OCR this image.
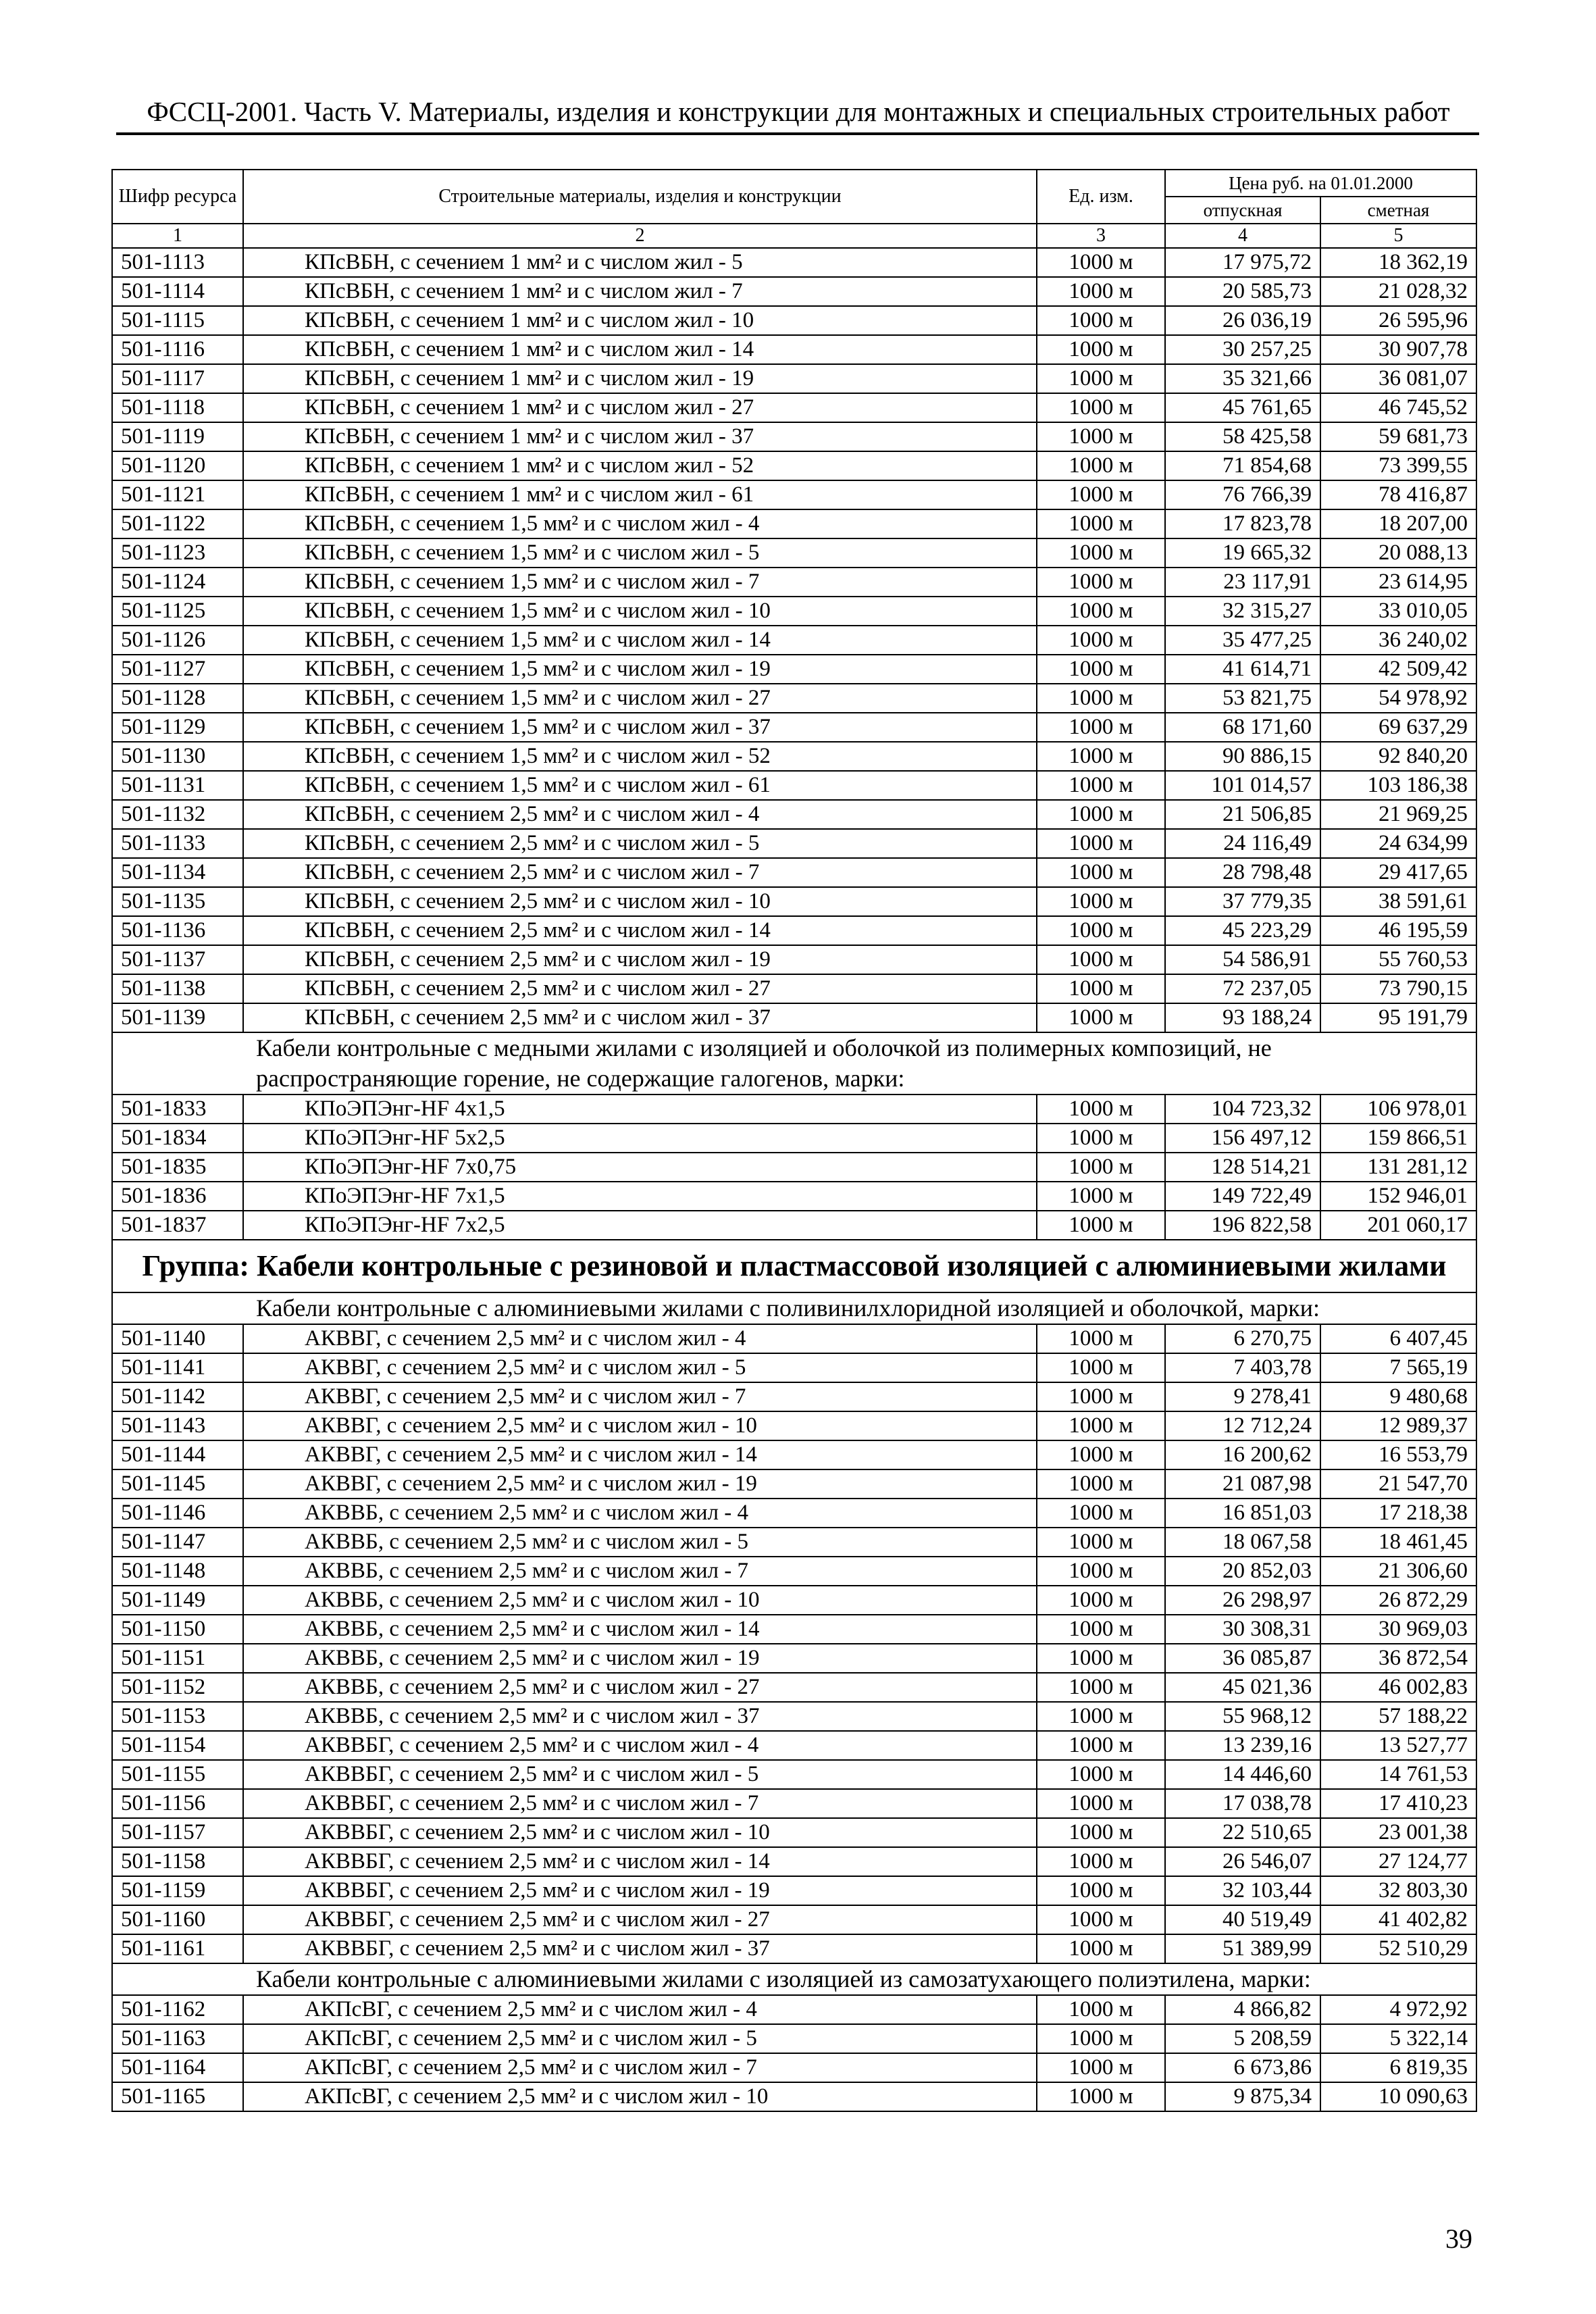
ФССЦ-2001. Часть V. Материалы, изделия и конструкции для монтажных и специальных строительных работ
Шифр ресурса	Строительные материалы, изделия и конструкции	Ед. изм.	Цена руб. на 01.01.2000	
			отпускная	сметная
1	2	3	4	5
501-1113	КПсВБН, с сечением 1 мм² и с числом жил - 5	1000 м	17 975,72	18 362,19
501-1114	КПсВБН, с сечением 1 мм² и с числом жил - 7	1000 м	20 585,73	21 028,32
501-1115	КПсВБН, с сечением 1 мм² и с числом жил - 10	1000 м	26 036,19	26 595,96
501-1116	КПсВБН, с сечением 1 мм² и с числом жил - 14	1000 м	30 257,25	30 907,78
501-1117	КПсВБН, с сечением 1 мм² и с числом жил - 19	1000 м	35 321,66	36 081,07
501-1118	КПсВБН, с сечением 1 мм² и с числом жил - 27	1000 м	45 761,65	46 745,52
501-1119	КПсВБН, с сечением 1 мм² и с числом жил - 37	1000 м	58 425,58	59 681,73
501-1120	КПсВБН, с сечением 1 мм² и с числом жил - 52	1000 м	71 854,68	73 399,55
501-1121	КПсВБН, с сечением 1 мм² и с числом жил - 61	1000 м	76 766,39	78 416,87
501-1122	КПсВБН, с сечением 1,5 мм² и с числом жил - 4	1000 м	17 823,78	18 207,00
501-1123	КПсВБН, с сечением 1,5 мм² и с числом жил - 5	1000 м	19 665,32	20 088,13
501-1124	КПсВБН, с сечением 1,5 мм² и с числом жил - 7	1000 м	23 117,91	23 614,95
501-1125	КПсВБН, с сечением 1,5 мм² и с числом жил - 10	1000 м	32 315,27	33 010,05
501-1126	КПсВБН, с сечением 1,5 мм² и с числом жил - 14	1000 м	35 477,25	36 240,02
501-1127	КПсВБН, с сечением 1,5 мм² и с числом жил - 19	1000 м	41 614,71	42 509,42
501-1128	КПсВБН, с сечением 1,5 мм² и с числом жил - 27	1000 м	53 821,75	54 978,92
501-1129	КПсВБН, с сечением 1,5 мм² и с числом жил - 37	1000 м	68 171,60	69 637,29
501-1130	КПсВБН, с сечением 1,5 мм² и с числом жил - 52	1000 м	90 886,15	92 840,20
501-1131	КПсВБН, с сечением 1,5 мм² и с числом жил - 61	1000 м	101 014,57	103 186,38
501-1132	КПсВБН, с сечением 2,5 мм² и с числом жил - 4	1000 м	21 506,85	21 969,25
501-1133	КПсВБН, с сечением 2,5 мм² и с числом жил - 5	1000 м	24 116,49	24 634,99
501-1134	КПсВБН, с сечением 2,5 мм² и с числом жил - 7	1000 м	28 798,48	29 417,65
501-1135	КПсВБН, с сечением 2,5 мм² и с числом жил - 10	1000 м	37 779,35	38 591,61
501-1136	КПсВБН, с сечением 2,5 мм² и с числом жил - 14	1000 м	45 223,29	46 195,59
501-1137	КПсВБН, с сечением 2,5 мм² и с числом жил - 19	1000 м	54 586,91	55 760,53
501-1138	КПсВБН, с сечением 2,5 мм² и с числом жил - 27	1000 м	72 237,05	73 790,15
501-1139	КПсВБН, с сечением 2,5 мм² и с числом жил - 37	1000 м	93 188,24	95 191,79
Кабели контрольные с медными жилами с изоляцией и оболочкой из полимерных композиций, не распространяющие горение, не содержащие галогенов, марки:				
501-1833	КПоЭПЭнг-HF 4x1,5	1000 м	104 723,32	106 978,01
501-1834	КПоЭПЭнг-HF 5x2,5	1000 м	156 497,12	159 866,51
501-1835	КПоЭПЭнг-HF 7x0,75	1000 м	128 514,21	131 281,12
501-1836	КПоЭПЭнг-HF 7x1,5	1000 м	149 722,49	152 946,01
501-1837	КПоЭПЭнг-HF 7x2,5	1000 м	196 822,58	201 060,17
Группа: Кабели контрольные с резиновой и пластмассовой изоляцией с алюминиевыми жилами				
Кабели контрольные с алюминиевыми жилами с поливинилхлоридной изоляцией и оболочкой, марки:				
501-1140	АКВВГ, с сечением 2,5 мм² и с числом жил - 4	1000 м	6 270,75	6 407,45
501-1141	АКВВГ, с сечением 2,5 мм² и с числом жил - 5	1000 м	7 403,78	7 565,19
501-1142	АКВВГ, с сечением 2,5 мм² и с числом жил - 7	1000 м	9 278,41	9 480,68
501-1143	АКВВГ, с сечением 2,5 мм² и с числом жил - 10	1000 м	12 712,24	12 989,37
501-1144	АКВВГ, с сечением 2,5 мм² и с числом жил - 14	1000 м	16 200,62	16 553,79
501-1145	АКВВГ, с сечением 2,5 мм² и с числом жил - 19	1000 м	21 087,98	21 547,70
501-1146	АКВВБ, с сечением 2,5 мм² и с числом жил - 4	1000 м	16 851,03	17 218,38
501-1147	АКВВБ, с сечением 2,5 мм² и с числом жил - 5	1000 м	18 067,58	18 461,45
501-1148	АКВВБ, с сечением 2,5 мм² и с числом жил - 7	1000 м	20 852,03	21 306,60
501-1149	АКВВБ, с сечением 2,5 мм² и с числом жил - 10	1000 м	26 298,97	26 872,29
501-1150	АКВВБ, с сечением 2,5 мм² и с числом жил - 14	1000 м	30 308,31	30 969,03
501-1151	АКВВБ, с сечением 2,5 мм² и с числом жил - 19	1000 м	36 085,87	36 872,54
501-1152	АКВВБ, с сечением 2,5 мм² и с числом жил - 27	1000 м	45 021,36	46 002,83
501-1153	АКВВБ, с сечением 2,5 мм² и с числом жил - 37	1000 м	55 968,12	57 188,22
501-1154	АКВВБГ, с сечением 2,5 мм² и с числом жил - 4	1000 м	13 239,16	13 527,77
501-1155	АКВВБГ, с сечением 2,5 мм² и с числом жил - 5	1000 м	14 446,60	14 761,53
501-1156	АКВВБГ, с сечением 2,5 мм² и с числом жил - 7	1000 м	17 038,78	17 410,23
501-1157	АКВВБГ, с сечением 2,5 мм² и с числом жил - 10	1000 м	22 510,65	23 001,38
501-1158	АКВВБГ, с сечением 2,5 мм² и с числом жил - 14	1000 м	26 546,07	27 124,77
501-1159	АКВВБГ, с сечением 2,5 мм² и с числом жил - 19	1000 м	32 103,44	32 803,30
501-1160	АКВВБГ, с сечением 2,5 мм² и с числом жил - 27	1000 м	40 519,49	41 402,82
501-1161	АКВВБГ, с сечением 2,5 мм² и с числом жил - 37	1000 м	51 389,99	52 510,29
Кабели контрольные с алюминиевыми жилами с изоляцией из самозатухающего полиэтилена, марки:				
501-1162	АКПсВГ, с сечением 2,5 мм² и с числом жил - 4	1000 м	4 866,82	4 972,92
501-1163	АКПсВГ, с сечением 2,5 мм² и с числом жил - 5	1000 м	5 208,59	5 322,14
501-1164	АКПсВГ, с сечением 2,5 мм² и с числом жил - 7	1000 м	6 673,86	6 819,35
501-1165	АКПсВГ, с сечением 2,5 мм² и с числом жил - 10	1000 м	9 875,34	10 090,63
39
